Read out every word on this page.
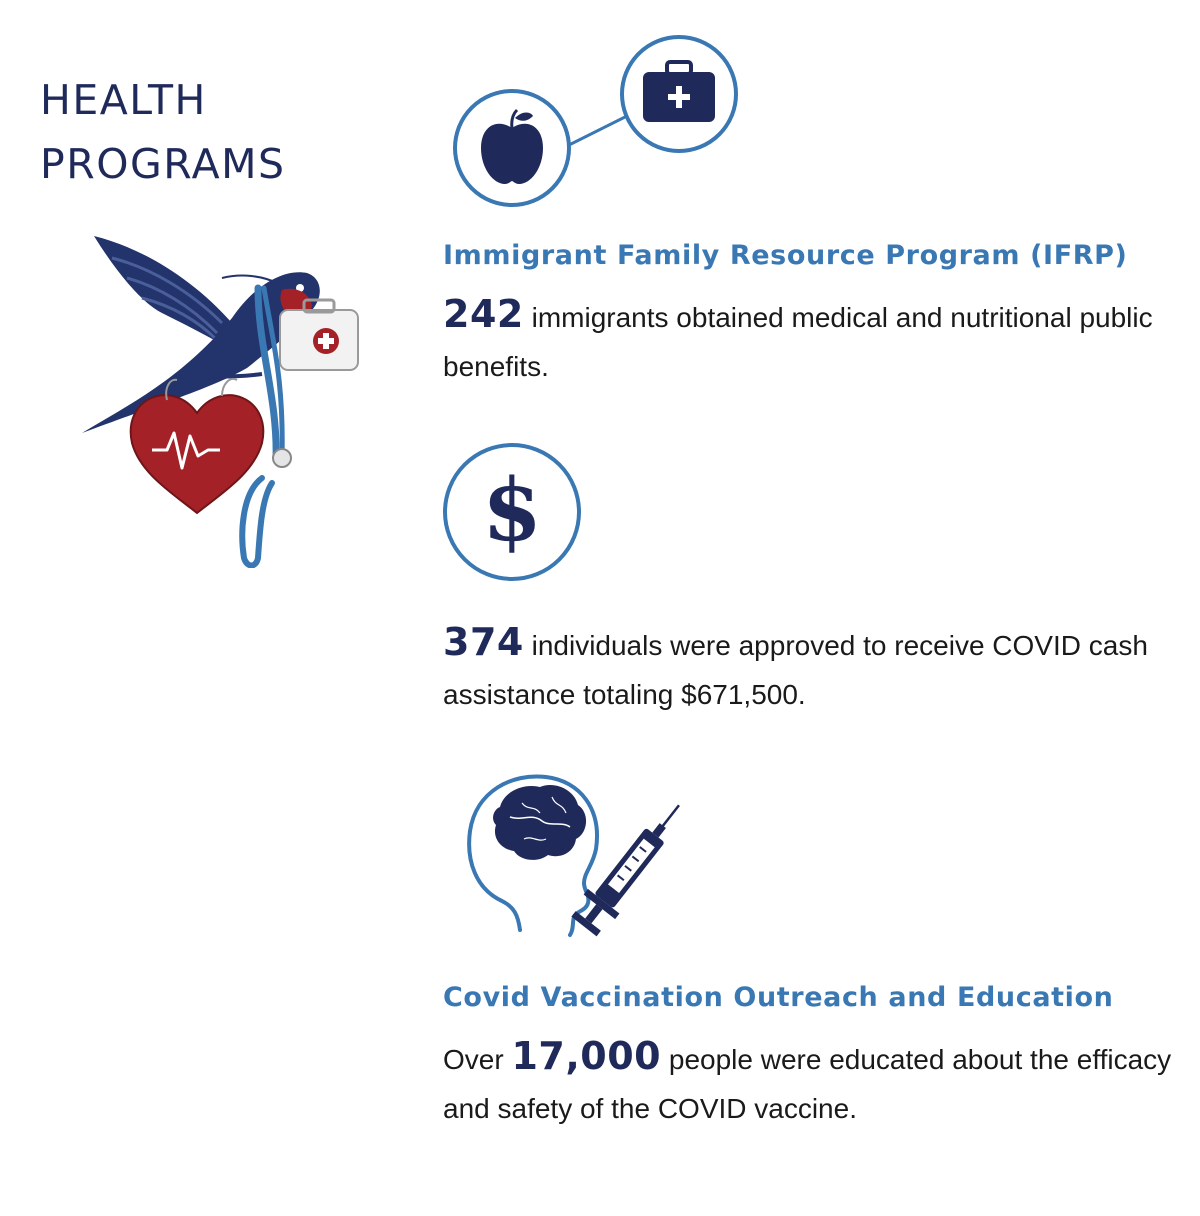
HEALTH
PROGRAMS
Immigrant Family Resource Program (IFRP)

242 immigrants obtained medical and nutritional public benefits.

$

374 individuals were approved to receive COVID cash assistance totaling $671,500.

Covid Vaccination Outreach and Education

Over 17,000 people were educated about the efficacy and safety of the COVID vaccine.
